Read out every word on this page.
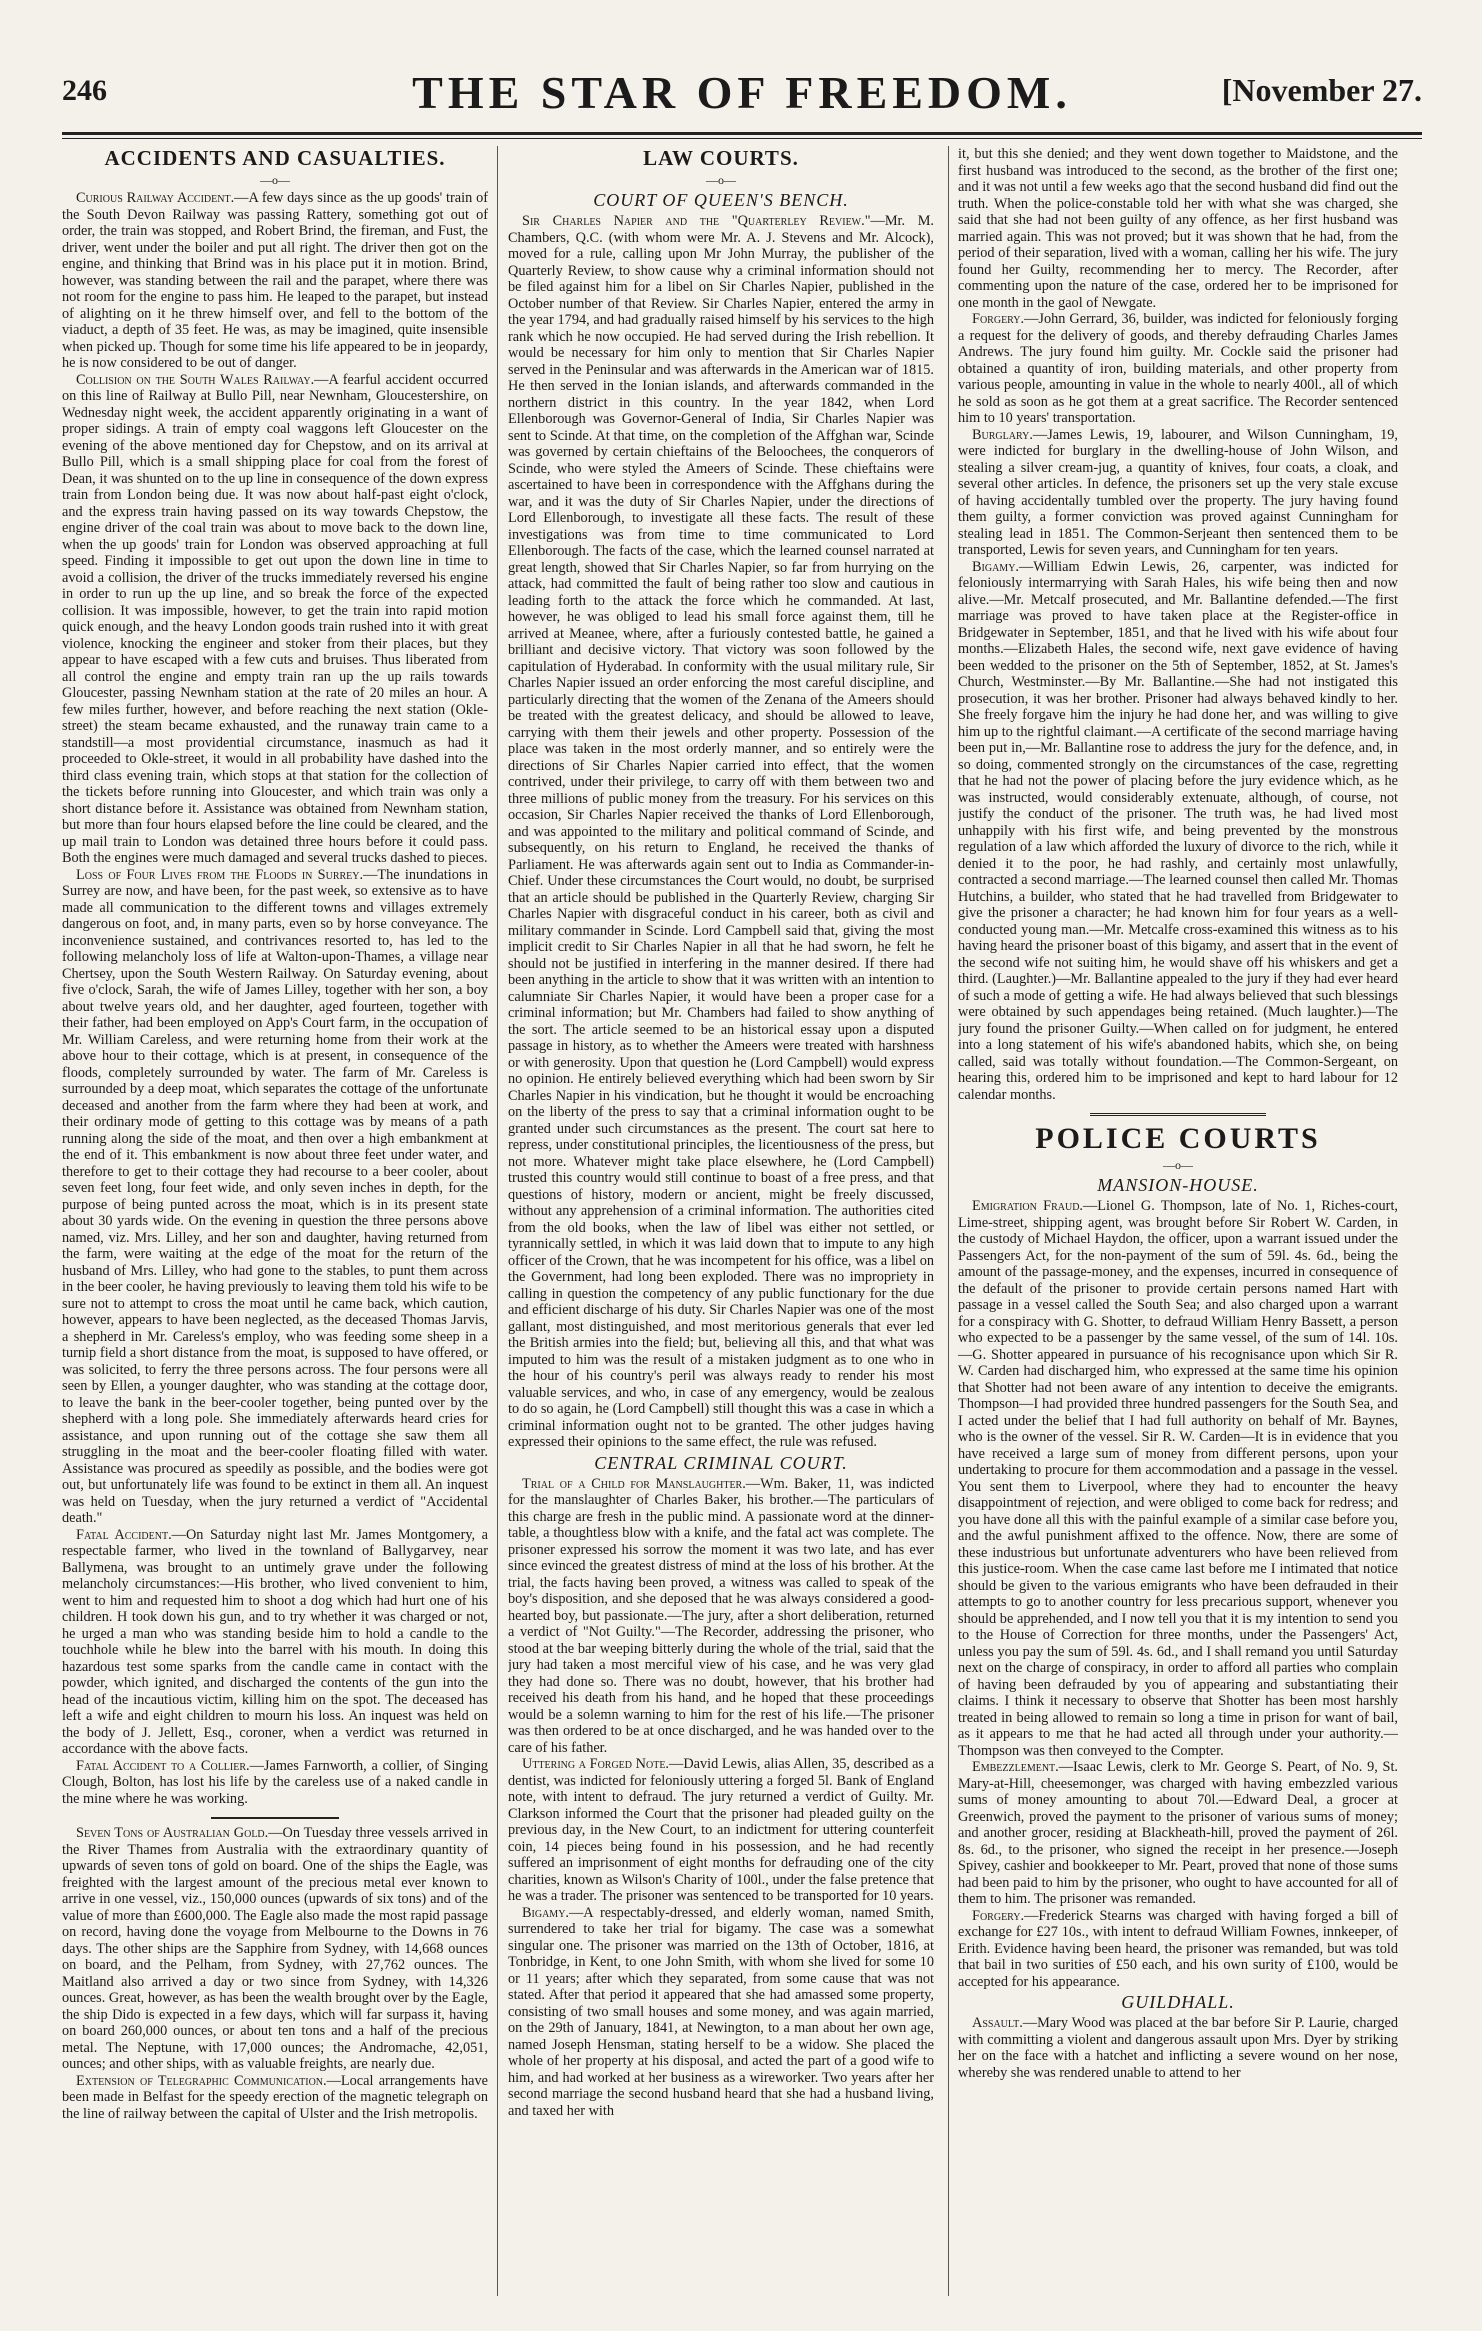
246	THE STAR OF FREEDOM.	[November 27.
ACCIDENTS AND CASUALTIES.
—o—

Curious Railway Accident.—A few days since as the up goods' train of the South Devon Railway was passing Rattery, something got out of order, the train was stopped, and Robert Brind, the fireman, and Fust, the driver, went under the boiler and put all right. The driver then got on the engine, and thinking that Brind was in his place put it in motion. Brind, however, was standing between the rail and the parapet, where there was not room for the engine to pass him. He leaped to the parapet, but instead of alighting on it he threw himself over, and fell to the bottom of the viaduct, a depth of 35 feet. He was, as may be imagined, quite insensible when picked up. Though for some time his life appeared to be in jeopardy, he is now considered to be out of danger.

Collision on the South Wales Railway.—A fearful accident occurred on this line of Railway at Bullo Pill, near Newnham, Gloucestershire, on Wednesday night week, the accident apparently originating in a want of proper sidings. A train of empty coal waggons left Gloucester on the evening of the above mentioned day for Chepstow, and on its arrival at Bullo Pill, which is a small shipping place for coal from the forest of Dean, it was shunted on to the up line in consequence of the down express train from London being due. It was now about half-past eight o'clock, and the express train having passed on its way towards Chepstow, the engine driver of the coal train was about to move back to the down line, when the up goods' train for London was observed approaching at full speed. Finding it impossible to get out upon the down line in time to avoid a collision, the driver of the trucks immediately reversed his engine in order to run up the up line, and so break the force of the expected collision. It was impossible, however, to get the train into rapid motion quick enough, and the heavy London goods train rushed into it with great violence, knocking the engineer and stoker from their places, but they appear to have escaped with a few cuts and bruises. Thus liberated from all control the engine and empty train ran up the up rails towards Gloucester, passing Newnham station at the rate of 20 miles an hour. A few miles further, however, and before reaching the next station (Okle-street) the steam became exhausted, and the runaway train came to a standstill—a most providential circumstance, inasmuch as had it proceeded to Okle-street, it would in all probability have dashed into the third class evening train, which stops at that station for the collection of the tickets before running into Gloucester, and which train was only a short distance before it. Assistance was obtained from Newnham station, but more than four hours elapsed before the line could be cleared, and the up mail train to London was detained three hours before it could pass. Both the engines were much damaged and several trucks dashed to pieces.

Loss of Four Lives from the Floods in Surrey.—The inundations in Surrey are now, and have been, for the past week, so extensive as to have made all communication to the different towns and villages extremely dangerous on foot, and, in many parts, even so by horse conveyance. The inconvenience sustained, and contrivances resorted to, has led to the following melancholy loss of life at Walton-upon-Thames, a village near Chertsey, upon the South Western Railway. On Saturday evening, about five o'clock, Sarah, the wife of James Lilley, together with her son, a boy about twelve years old, and her daughter, aged fourteen, together with their father, had been employed on App's Court farm, in the occupation of Mr. William Careless, and were returning home from their work at the above hour to their cottage, which is at present, in consequence of the floods, completely surrounded by water. The farm of Mr. Careless is surrounded by a deep moat, which separates the cottage of the unfortunate deceased and another from the farm where they had been at work, and their ordinary mode of getting to this cottage was by means of a path running along the side of the moat, and then over a high embankment at the end of it. This embankment is now about three feet under water, and therefore to get to their cottage they had recourse to a beer cooler, about seven feet long, four feet wide, and only seven inches in depth, for the purpose of being punted across the moat, which is in its present state about 30 yards wide. On the evening in question the three persons above named, viz. Mrs. Lilley, and her son and daughter, having returned from the farm, were waiting at the edge of the moat for the return of the husband of Mrs. Lilley, who had gone to the stables, to punt them across in the beer cooler, he having previously to leaving them told his wife to be sure not to attempt to cross the moat until he came back, which caution, however, appears to have been neglected, as the deceased Thomas Jarvis, a shepherd in Mr. Careless's employ, who was feeding some sheep in a turnip field a short distance from the moat, is supposed to have offered, or was solicited, to ferry the three persons across. The four persons were all seen by Ellen, a younger daughter, who was standing at the cottage door, to leave the bank in the beer-cooler together, being punted over by the shepherd with a long pole. She immediately afterwards heard cries for assistance, and upon running out of the cottage she saw them all struggling in the moat and the beer-cooler floating filled with water. Assistance was procured as speedily as possible, and the bodies were got out, but unfortunately life was found to be extinct in them all. An inquest was held on Tuesday, when the jury returned a verdict of "Accidental death."

Fatal Accident.—On Saturday night last Mr. James Montgomery, a respectable farmer, who lived in the townland of Ballygarvey, near Ballymena, was brought to an untimely grave under the following melancholy circumstances:—His brother, who lived convenient to him, went to him and requested him to shoot a dog which had hurt one of his children. H took down his gun, and to try whether it was charged or not, he urged a man who was standing beside him to hold a candle to the touchhole while he blew into the barrel with his mouth. In doing this hazardous test some sparks from the candle came in contact with the powder, which ignited, and discharged the contents of the gun into the head of the incautious victim, killing him on the spot. The deceased has left a wife and eight children to mourn his loss. An inquest was held on the body of J. Jellett, Esq., coroner, when a verdict was returned in accordance with the above facts.

Fatal Accident to a Collier.—James Farnworth, a collier, of Singing Clough, Bolton, has lost his life by the careless use of a naked candle in the mine where he was working.

Seven Tons of Australian Gold.—On Tuesday three vessels arrived in the River Thames from Australia with the extraordinary quantity of upwards of seven tons of gold on board. One of the ships the Eagle, was freighted with the largest amount of the precious metal ever known to arrive in one vessel, viz., 150,000 ounces (upwards of six tons) and of the value of more than £600,000. The Eagle also made the most rapid passage on record, having done the voyage from Melbourne to the Downs in 76 days. The other ships are the Sapphire from Sydney, with 14,668 ounces on board, and the Pelham, from Sydney, with 27,762 ounces. The Maitland also arrived a day or two since from Sydney, with 14,326 ounces. Great, however, as has been the wealth brought over by the Eagle, the ship Dido is expected in a few days, which will far surpass it, having on board 260,000 ounces, or about ten tons and a half of the precious metal. The Neptune, with 17,000 ounces; the Andromache, 42,051, ounces; and other ships, with as valuable freights, are nearly due.

Extension of Telegraphic Communication.—Local arrangements have been made in Belfast for the speedy erection of the magnetic telegraph on the line of railway between the capital of Ulster and the Irish metropolis.

LAW COURTS.
—o—
COURT OF QUEEN'S BENCH.

Sir Charles Napier and the "Quarterley Review."—Mr. M. Chambers, Q.C. (with whom were Mr. A. J. Stevens and Mr. Alcock), moved for a rule, calling upon Mr John Murray, the publisher of the Quarterly Review, to show cause why a criminal information should not be filed against him for a libel on Sir Charles Napier, published in the October number of that Review. Sir Charles Napier, entered the army in the year 1794, and had gradually raised himself by his services to the high rank which he now occupied. He had served during the Irish rebellion. It would be necessary for him only to mention that Sir Charles Napier served in the Peninsular and was afterwards in the American war of 1815. He then served in the Ionian islands, and afterwards commanded in the northern district in this country. In the year 1842, when Lord Ellenborough was Governor-General of India, Sir Charles Napier was sent to Scinde. At that time, on the completion of the Affghan war, Scinde was governed by certain chieftains of the Beloochees, the conquerors of Scinde, who were styled the Ameers of Scinde. These chieftains were ascertained to have been in correspondence with the Affghans during the war, and it was the duty of Sir Charles Napier, under the directions of Lord Ellenborough, to investigate all these facts. The result of these investigations was from time to time communicated to Lord Ellenborough. The facts of the case, which the learned counsel narrated at great length, showed that Sir Charles Napier, so far from hurrying on the attack, had committed the fault of being rather too slow and cautious in leading forth to the attack the force which he commanded. At last, however, he was obliged to lead his small force against them, till he arrived at Meanee, where, after a furiously contested battle, he gained a brilliant and decisive victory. That victory was soon followed by the capitulation of Hyderabad. In conformity with the usual military rule, Sir Charles Napier issued an order enforcing the most careful discipline, and particularly directing that the women of the Zenana of the Ameers should be treated with the greatest delicacy, and should be allowed to leave, carrying with them their jewels and other property. Possession of the place was taken in the most orderly manner, and so entirely were the directions of Sir Charles Napier carried into effect, that the women contrived, under their privilege, to carry off with them between two and three millions of public money from the treasury. For his services on this occasion, Sir Charles Napier received the thanks of Lord Ellenborough, and was appointed to the military and political command of Scinde, and subsequently, on his return to England, he received the thanks of Parliament. He was afterwards again sent out to India as Commander-in-Chief. Under these circumstances the Court would, no doubt, be surprised that an article should be published in the Quarterly Review, charging Sir Charles Napier with disgraceful conduct in his career, both as civil and military commander in Scinde. Lord Campbell said that, giving the most implicit credit to Sir Charles Napier in all that he had sworn, he felt he should not be justified in interfering in the manner desired. If there had been anything in the article to show that it was written with an intention to calumniate Sir Charles Napier, it would have been a proper case for a criminal information; but Mr. Chambers had failed to show anything of the sort. The article seemed to be an historical essay upon a disputed passage in history, as to whether the Ameers were treated with harshness or with generosity. Upon that question he (Lord Campbell) would express no opinion. He entirely believed everything which had been sworn by Sir Charles Napier in his vindication, but he thought it would be encroaching on the liberty of the press to say that a criminal information ought to be granted under such circumstances as the present. The court sat here to repress, under constitutional principles, the licentiousness of the press, but not more. Whatever might take place elsewhere, he (Lord Campbell) trusted this country would still continue to boast of a free press, and that questions of history, modern or ancient, might be freely discussed, without any apprehension of a criminal information. The authorities cited from the old books, when the law of libel was either not settled, or tyrannically settled, in which it was laid down that to impute to any high officer of the Crown, that he was incompetent for his office, was a libel on the Government, had long been exploded. There was no impropriety in calling in question the competency of any public functionary for the due and efficient discharge of his duty. Sir Charles Napier was one of the most gallant, most distinguished, and most meritorious generals that ever led the British armies into the field; but, believing all this, and that what was imputed to him was the result of a mistaken judgment as to one who in the hour of his country's peril was always ready to render his most valuable services, and who, in case of any emergency, would be zealous to do so again, he (Lord Campbell) still thought this was a case in which a criminal information ought not to be granted. The other judges having expressed their opinions to the same effect, the rule was refused.

CENTRAL CRIMINAL COURT.

Trial of a Child for Manslaughter.—Wm. Baker, 11, was indicted for the manslaughter of Charles Baker, his brother.—The particulars of this charge are fresh in the public mind. A passionate word at the dinner-table, a thoughtless blow with a knife, and the fatal act was complete. The prisoner expressed his sorrow the moment it was two late, and has ever since evinced the greatest distress of mind at the loss of his brother. At the trial, the facts having been proved, a witness was called to speak of the boy's disposition, and she deposed that he was always considered a good-hearted boy, but passionate.—The jury, after a short deliberation, returned a verdict of "Not Guilty."—The Recorder, addressing the prisoner, who stood at the bar weeping bitterly during the whole of the trial, said that the jury had taken a most merciful view of his case, and he was very glad they had done so. There was no doubt, however, that his brother had received his death from his hand, and he hoped that these proceedings would be a solemn warning to him for the rest of his life.—The prisoner was then ordered to be at once discharged, and he was handed over to the care of his father.

Uttering a Forged Note.—David Lewis, alias Allen, 35, described as a dentist, was indicted for feloniously uttering a forged 5l. Bank of England note, with intent to defraud. The jury returned a verdict of Guilty. Mr. Clarkson informed the Court that the prisoner had pleaded guilty on the previous day, in the New Court, to an indictment for uttering counterfeit coin, 14 pieces being found in his possession, and he had recently suffered an imprisonment of eight months for defrauding one of the city charities, known as Wilson's Charity of 100l., under the false pretence that he was a trader. The prisoner was sentenced to be transported for 10 years.

Bigamy.—A respectably-dressed, and elderly woman, named Smith, surrendered to take her trial for bigamy. The case was a somewhat singular one. The prisoner was married on the 13th of October, 1816, at Tonbridge, in Kent, to one John Smith, with whom she lived for some 10 or 11 years; after which they separated, from some cause that was not stated. After that period it appeared that she had amassed some property, consisting of two small houses and some money, and was again married, on the 29th of January, 1841, at Newington, to a man about her own age, named Joseph Hensman, stating herself to be a widow. She placed the whole of her property at his disposal, and acted the part of a good wife to him, and had worked at her business as a wireworker. Two years after her second marriage the second husband heard that she had a husband living, and taxed her with

it, but this she denied; and they went down together to Maidstone, and the first husband was introduced to the second, as the brother of the first one; and it was not until a few weeks ago that the second husband did find out the truth. When the police-constable told her with what she was charged, she said that she had not been guilty of any offence, as her first husband was married again. This was not proved; but it was shown that he had, from the period of their separation, lived with a woman, calling her his wife. The jury found her Guilty, recommending her to mercy. The Recorder, after commenting upon the nature of the case, ordered her to be imprisoned for one month in the gaol of Newgate.

Forgery.—John Gerrard, 36, builder, was indicted for feloniously forging a request for the delivery of goods, and thereby defrauding Charles James Andrews. The jury found him guilty. Mr. Cockle said the prisoner had obtained a quantity of iron, building materials, and other property from various people, amounting in value in the whole to nearly 400l., all of which he sold as soon as he got them at a great sacrifice. The Recorder sentenced him to 10 years' transportation.

Burglary.—James Lewis, 19, labourer, and Wilson Cunningham, 19, were indicted for burglary in the dwelling-house of John Wilson, and stealing a silver cream-jug, a quantity of knives, four coats, a cloak, and several other articles. In defence, the prisoners set up the very stale excuse of having accidentally tumbled over the property. The jury having found them guilty, a former conviction was proved against Cunningham for stealing lead in 1851. The Common-Serjeant then sentenced them to be transported, Lewis for seven years, and Cunningham for ten years.

Bigamy.—William Edwin Lewis, 26, carpenter, was indicted for feloniously intermarrying with Sarah Hales, his wife being then and now alive.—Mr. Metcalf prosecuted, and Mr. Ballantine defended.—The first marriage was proved to have taken place at the Register-office in Bridgewater in September, 1851, and that he lived with his wife about four months.—Elizabeth Hales, the second wife, next gave evidence of having been wedded to the prisoner on the 5th of September, 1852, at St. James's Church, Westminster.—By Mr. Ballantine.—She had not instigated this prosecution, it was her brother. Prisoner had always behaved kindly to her. She freely forgave him the injury he had done her, and was willing to give him up to the rightful claimant.—A certificate of the second marriage having been put in,—Mr. Ballantine rose to address the jury for the defence, and, in so doing, commented strongly on the circumstances of the case, regretting that he had not the power of placing before the jury evidence which, as he was instructed, would considerably extenuate, although, of course, not justify the conduct of the prisoner. The truth was, he had lived most unhappily with his first wife, and being prevented by the monstrous regulation of a law which afforded the luxury of divorce to the rich, while it denied it to the poor, he had rashly, and certainly most unlawfully, contracted a second marriage.—The learned counsel then called Mr. Thomas Hutchins, a builder, who stated that he had travelled from Bridgewater to give the prisoner a character; he had known him for four years as a well-conducted young man.—Mr. Metcalfe cross-examined this witness as to his having heard the prisoner boast of this bigamy, and assert that in the event of the second wife not suiting him, he would shave off his whiskers and get a third. (Laughter.)—Mr. Ballantine appealed to the jury if they had ever heard of such a mode of getting a wife. He had always believed that such blessings were obtained by such appendages being retained. (Much laughter.)—The jury found the prisoner Guilty.—When called on for judgment, he entered into a long statement of his wife's abandoned habits, which she, on being called, said was totally without foundation.—The Common-Sergeant, on hearing this, ordered him to be imprisoned and kept to hard labour for 12 calendar months.

POLICE COURTS
—o—
MANSION-HOUSE.

Emigration Fraud.—Lionel G. Thompson, late of No. 1, Riches-court, Lime-street, shipping agent, was brought before Sir Robert W. Carden, in the custody of Michael Haydon, the officer, upon a warrant issued under the Passengers Act, for the non-payment of the sum of 59l. 4s. 6d., being the amount of the passage-money, and the expenses, incurred in consequence of the default of the prisoner to provide certain persons named Hart with passage in a vessel called the South Sea; and also charged upon a warrant for a conspiracy with G. Shotter, to defraud William Henry Bassett, a person who expected to be a passenger by the same vessel, of the sum of 14l. 10s.—G. Shotter appeared in pursuance of his recognisance upon which Sir R. W. Carden had discharged him, who expressed at the same time his opinion that Shotter had not been aware of any intention to deceive the emigrants. Thompson—I had provided three hundred passengers for the South Sea, and I acted under the belief that I had full authority on behalf of Mr. Baynes, who is the owner of the vessel. Sir R. W. Carden—It is in evidence that you have received a large sum of money from different persons, upon your undertaking to procure for them accommodation and a passage in the vessel. You sent them to Liverpool, where they had to encounter the heavy disappointment of rejection, and were obliged to come back for redress; and you have done all this with the painful example of a similar case before you, and the awful punishment affixed to the offence. Now, there are some of these industrious but unfortunate adventurers who have been relieved from this justice-room. When the case came last before me I intimated that notice should be given to the various emigrants who have been defrauded in their attempts to go to another country for less precarious support, whenever you should be apprehended, and I now tell you that it is my intention to send you to the House of Correction for three months, under the Passengers' Act, unless you pay the sum of 59l. 4s. 6d., and I shall remand you until Saturday next on the charge of conspiracy, in order to afford all parties who complain of having been defrauded by you of appearing and substantiating their claims. I think it necessary to observe that Shotter has been most harshly treated in being allowed to remain so long a time in prison for want of bail, as it appears to me that he had acted all through under your authority.—Thompson was then conveyed to the Compter.

Embezzlement.—Isaac Lewis, clerk to Mr. George S. Peart, of No. 9, St. Mary-at-Hill, cheesemonger, was charged with having embezzled various sums of money amounting to about 70l.—Edward Deal, a grocer at Greenwich, proved the payment to the prisoner of various sums of money; and another grocer, residing at Blackheath-hill, proved the payment of 26l. 8s. 6d., to the prisoner, who signed the receipt in her presence.—Joseph Spivey, cashier and bookkeeper to Mr. Peart, proved that none of those sums had been paid to him by the prisoner, who ought to have accounted for all of them to him. The prisoner was remanded.

Forgery.—Frederick Stearns was charged with having forged a bill of exchange for £27 10s., with intent to defraud William Fownes, innkeeper, of Erith. Evidence having been heard, the prisoner was remanded, but was told that bail in two surities of £50 each, and his own surity of £100, would be accepted for his appearance.

GUILDHALL.

Assault.—Mary Wood was placed at the bar before Sir P. Laurie, charged with committing a violent and dangerous assault upon Mrs. Dyer by striking her on the face with a hatchet and inflicting a severe wound on her nose, whereby she was rendered unable to attend to her
